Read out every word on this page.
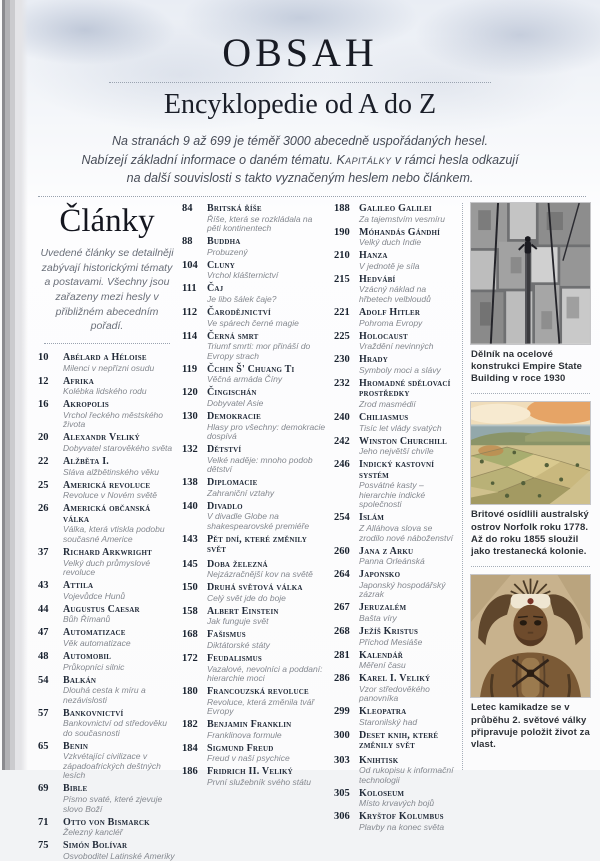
OBSAH
Encyklopedie od A do Z

Na stranách 9 až 699 je téměř 3000 abecedně uspořádaných hesel.

Nabízejí základní informace o daném tématu. Kapitálky v rámci hesla odkazují

na další souvislosti s takto vyznačeným heslem nebo článkem.

Články

Uvedené články se detailněji zabývají historickými tématy a postavami. Všechny jsou zařazeny mezi hesly v přibližném abecedním pořadí.

10	Abélard a Héloise
Milenci v nepřízni osudu
12	Afrika
Kolébka lidského rodu
16	Akropolis
Vrchol řeckého městského života
20	Alexandr Veliký
Dobyvatel starověkého světa
22	Alžběta I.
Sláva alžbětinského věku
25	Americká revoluce
Revoluce v Novém světě
26	Americká občanská válka
Válka, která vtiskla podobu současné Americe
37	Richard Arkwright
Velký duch průmyslové revoluce
43	Attila
Vojevůdce Hunů
44	Augustus Caesar
Bůh Římanů
47	Automatizace
Věk automatizace
48	Automobil
Průkopníci silnic
54	Balkán
Dlouhá cesta k míru a nezávislosti
57	Bankovnictví
Bankovnictví od středověku do současnosti
65	Benin
Vzkvétající civilizace v západoafrických deštných lesích
69	Bible
Písmo svaté, které zjevuje slovo Boží
71	Otto von Bismarck
Železný kancléř
75	Simón Bolívar
Osvoboditel Latinské Ameriky
84	Britská říše
Říše, která se rozkládala na pěti kontinentech
88	Buddha
Probuzený
104 Cluny
Vrchol klášternictví
111	Čaj
Je libo šálek čaje?
112 Čarodějnictví
Ve spárech černé magie
114 Černá smrt
Triumf smrti: mor přináší do Evropy strach
119 Čchin Š' Chuang Ti
Věčná armáda Číny
120 Čingischán
Dobyvatel Asie
130 Demokracie
Hlasy pro všechny: demokracie dospívá
132 Dětství
Velké naděje: mnoho podob dětství
138 Diplomacie
Zahraniční vztahy
140 Divadlo
V divadle Globe na shakespearovské premiéře
143 Pět dní, které změnily svět
145 Doba železná
Nejzázračnější kov na světě
150 Druhá světová válka
Celý svět jde do boje
158 Albert Einstein
Jak funguje svět
168 Fašismus
Diktátorské státy
172 Feudalismus
Vazalové, nevolníci a poddaní: hierarchie moci
180 Francouzská revoluce
Revoluce, která změnila tvář Evropy
182 Benjamin Franklin
Franklinova formule
184 Sigmund Freud
Freud v naší psychice
186 Fridrich II. Veliký
První služebník svého státu
188 Galileo Galilei
Za tajemstvím vesmíru
190 Móhandás Gándhí
Velký duch Indie
210 Hanza
V jednotě je síla
215 Hedvábí
Vzácný náklad na hřbetech velbloudů
221 Adolf Hitler
Pohroma Evropy
225 Holocaust
Vraždění nevinných
230 Hrady
Symboly moci a slávy
232 Hromadné sdělovací prostředky
Zrod masmédií
240 Chiliasmus
Tisíc let vlády svatých
242 Winston Churchill
Jeho největší chvíle
246 Indický kastovní systém
Posvátné kasty – hierarchie indické společnosti
254 Islám
Z Alláhova slova se zrodilo nové náboženství
260 Jana z Arku
Panna Orleánská
264 Japonsko
Japonský hospodářský zázrak
267 Jeruzalém
Bašta víry
268 Ježíš Kristus
Příchod Mesiáše
281 Kalendář
Měření času
286 Karel I. Veliký
Vzor středověkého panovníka
299 Kleopatra
Staronilský had
300 Deset knih, které změnily svět
303 Knihtisk
Od rukopisu k informační technologii
305 Koloseum
Místo krvavých bojů
306 Kryštof Kolumbus
Plavby na konec světa
Dělník na ocelové konstrukci Empire State Building v roce 1930
Britové osídlili australský ostrov Norfolk roku 1778. Až do roku 1855 sloužil jako trestanecká kolonie.
Letec kamikadze se v průběhu 2. světové války připravuje položit život za vlast.
